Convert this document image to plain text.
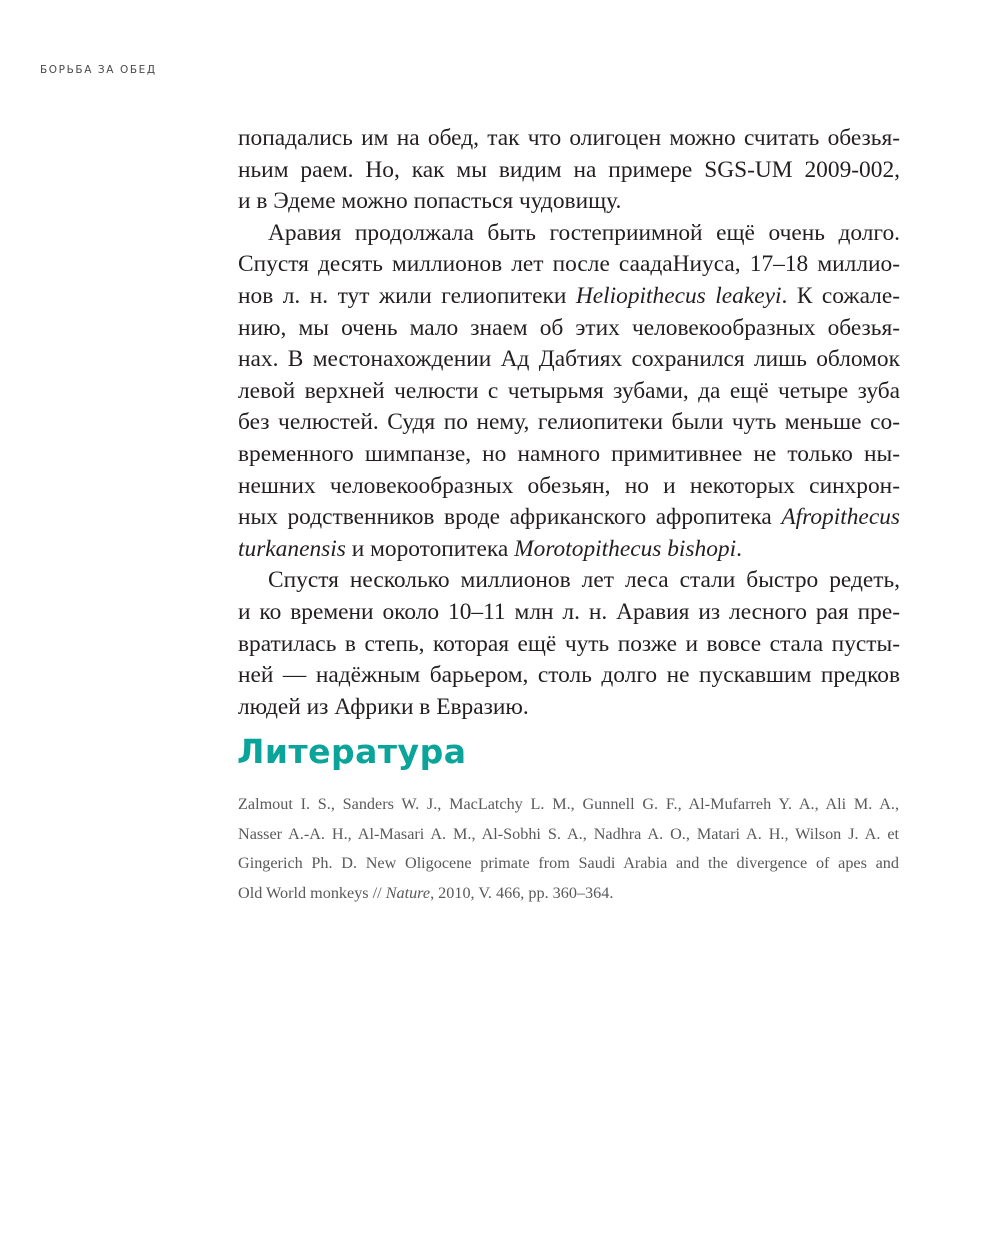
БОРЬБА ЗА ОБЕД
попадались им на обед, так что олигоцен можно считать обезья-
ньим раем. Но, как мы видим на примере SGS-UM 2009-002,
и в Эдеме можно попасться чудовищу.
Аравия продолжала быть гостеприимной ещё очень долго.
Спустя десять миллионов лет после саадаНиуса, 17–18 миллио-
нов л. н. тут жили гелиопитеки Heliopithecus leakeyi. К сожале-
нию, мы очень мало знаем об этих человекообразных обезья-
нах. В местонахождении Ад Дабтиях сохранился лишь обломок
левой верхней челюсти с четырьмя зубами, да ещё четыре зуба
без челюстей. Судя по нему, гелиопитеки были чуть меньше со-
временного шимпанзе, но намного примитивнее не только ны-
нешних человекообразных обезьян, но и некоторых синхрон-
ных родственников вроде африканского афропитека Afropithecus
turkanensis и моротопитека Morotopithecus bishopi.
Спустя несколько миллионов лет леса стали быстро редеть,
и ко времени около 10–11 млн л. н. Аравия из лесного рая пре-
вратилась в степь, которая ещё чуть позже и вовсе стала пусты-
ней — надёжным барьером, столь долго не пускавшим предков
людей из Африки в Евразию.
Литература
Zalmout I. S., Sanders W. J., MacLatchy L. M., Gunnell G. F., Al-Mufarreh Y. A., Ali M. A.,
Nasser A.-A. H., Al-Masari A. M., Al-Sobhi S. A., Nadhra A. O., Matari A. H., Wilson J. A. et
Gingerich Ph. D. New Oligocene primate from Saudi Arabia and the divergence of apes and
Old World monkeys // Nature, 2010, V. 466, pp. 360–364.
